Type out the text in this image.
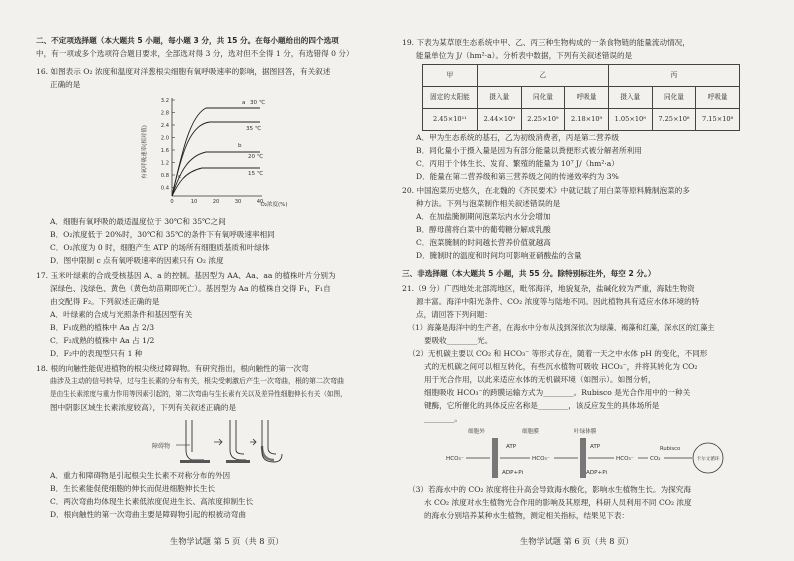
二、不定项选择题（本大题共 5 小题，每小题 3 分，共 15 分。在每小题给出的四个选项
中，有一项或多个选项符合题目要求，全部选对得 3 分，选对但不全得 1 分，有选错得 0 分）
16. 如图表示 O₂ 浓度和温度对洋葱根尖细胞有氧呼吸速率的影响，据图回答，有关叙述
正确的是
有氧呼吸速率(相对值)
3.2
2.8
2.4
2.0
1.6
1.2
0.8
0.4
0	10	20	30	40
O₂浓度(%)
a 30 ℃
35 ℃
b
20 ℃
c	15 ℃
A．细胞有氧呼吸的最适温度位于 30℃和 35℃之间
B．O₂浓度低于 20%时，30℃和 35℃的条件下有氧呼吸速率相同
C．O₂浓度为 0 时，细胞产生 ATP 的场所有细胞质基质和叶绿体
D．图中限制 c 点有氧呼吸速率的因素只有 O₂ 浓度
17. 玉米叶绿素的合成受核基因 A、a 的控制。基因型为 AA、Aa、aa 的植株叶片分别为
深绿色、浅绿色、黄色（黄色幼苗期即死亡）。基因型为 Aa 的植株自交得 F₁，F₁自
由交配得 F₂。下列叙述正确的是
A．叶绿素的合成与光照条件和基因型有关
B．F₁成熟的植株中 Aa 占 2/3
C．F₂成熟的植株中 Aa 占 1/2
D．F₂中的表现型只有 1 种
18. 根的向触性能促进植物的根尖绕过障碍物。有研究指出，根向触性的第一次弯
曲涉及主动的信号转导，过与生长素的分布有关，根尖受刺激后产生一次弯曲，根的第二次弯曲
是由生长素浓度与重力作用等因素引起的，第二次弯曲与生长素有关以及差异性细胞伸长有关（如图，
图中阴影区域生长素浓度较高），下列有关叙述正确的是
障碍物
A．重力和障碍物是引起根尖生长素不对称分布的外因
B．生长素能促使细胞的伸长而促进细胞伸长生长
C．两次弯曲均体现生长素低浓度促进生长、高浓度抑制生长
D．根向触性的第一次弯曲主要是障碍物引起的根被动弯曲
生物学试题 第 5 页（共 8 页）
19. 下表为某草原生态系统中甲、乙、丙三种生物构成的一条食物链的能量流动情况，
能量单位为 J/（hm²·a）。分析表中数据，下列有关叙述错误的是
甲	乙			丙		
固定的太阳能	摄入量	同化量	呼吸量	摄入量	同化量	呼吸量
2.45×10¹¹	2.44×10⁹	2.25×10⁹	2.18×10⁹	1.05×10⁸	7.25×10⁸	7.15×10⁸
A．甲为生态系统的基石，乙为初级消费者，丙是第二营养级
B．同化量小于摄入量是因为有部分能量以粪便形式被分解者所利用
C．丙用于个体生长、发育、繁殖的能量为 10⁷ J/（hm²·a）
D．能量在第二营养级和第三营养级之间的传递效率约为 3%
20. 中国泡菜历史悠久，在北魏的《齐民要术》中就记载了用白菜等原料腌制泡菜的多
种方法。下列与泡菜制作相关叙述错误的是
A．在加盐腌制期间泡菜坛内水分会增加
B．醇母菌将白菜中的葡萄糖分解成乳酸
C．泡菜腌制的时间越长营养价值就越高
D．腌制时的温度和时间均可影响亚硝酸盐的含量
三、非选择题（本大题共 5 小题，共 55 分。除特别标注外，每空 2 分。）
21.（9 分）广西地处北部湾地区，毗邻海洋，地貌复杂，盐碱化较为严重，海陆生物资
源丰富。海洋中阳光条件、CO₂ 浓度等与陆地不同。因此植物具有适应水体环境的特
点，请回答下列问题：
（1）海藻是海洋中的生产者，在海水中分布从浅到深依次为绿藻、褐藻和红藻，深水区的红藻主
要吸收________光。
（2）无机碳主要以 CO₂ 和 HCO₃⁻ 等形式存在，随着一天之中水体 pH 的变化，不同形
式的无机碳之间可以相互转化，有些沉水植物可吸收 HCO₃⁻，并将其转化为 CO₂
用于光合作用，以此来适应水体的无机碳环境（如图示）。如图分析，
细胞吸收 HCO₃⁻的跨膜运输方式为________。Rubisco 是光合作用中的一种关
键酶，它所催化的具体反应名称是________，该反应发生的具体场所是
________。
细胞外	细胞膜	叶绿体膜
HCO₃⁻
ATP
ADP+Pi
HCO₃⁻
ATP
ADP+Pi
HCO₃⁻	CO₂
Rubisco
卡尔文循环
（3）若海水中的 CO₂ 浓度将往升高会导致海水酸化，影响水生植物生长。为探究海
水 CO₂ 浓度对水生植物光合作用的影响及其原理，科研人员利用不同 CO₂ 浓度
的海水分别培养某种水生植物，测定相关指标，结果见下表：
生物学试题 第 6 页（共 8 页）
